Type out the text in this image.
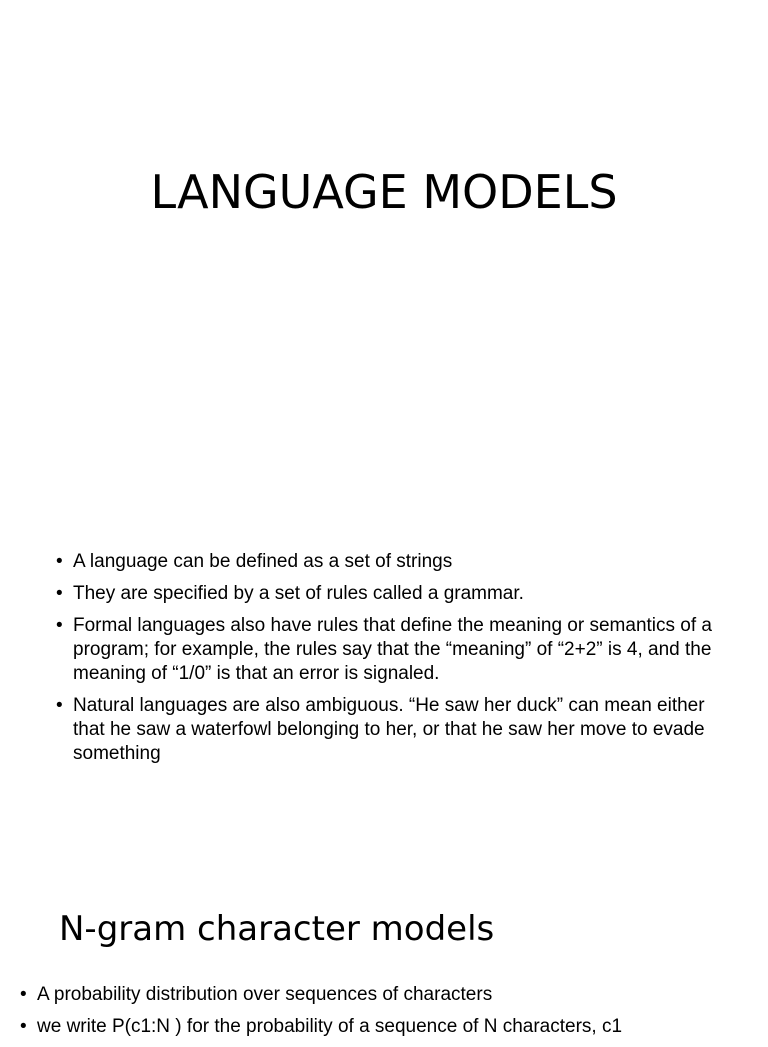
LANGUAGE MODELS
• A language can be defined as a set of strings
• They are specified by a set of rules called a grammar.
• Formal languages also have rules that define the meaning or semantics of a program; for example, the rules say that the “meaning” of “2+2” is 4, and the meaning of “1/0” is that an error is signaled.
• Natural languages are also ambiguous. “He saw her duck” can mean either that he saw a waterfowl belonging to her, or that he saw her move to evade something
N-gram character models
• A probability distribution over sequences of characters
• we write P(c1:N ) for the probability of a sequence of N characters, c1
